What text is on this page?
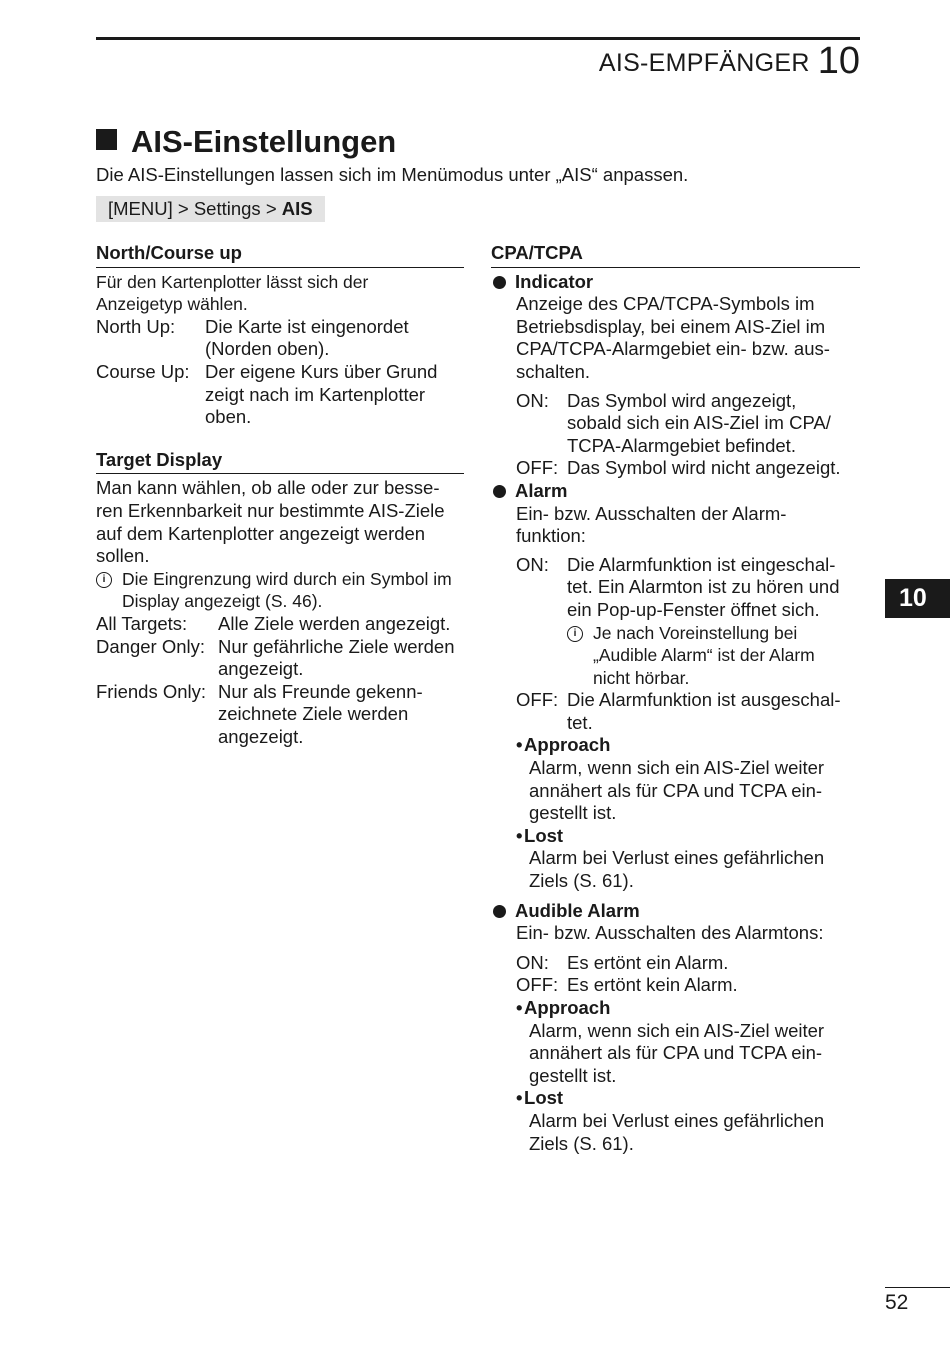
AIS-EMPFÄNGER 10
AIS-Einstellungen
Die AIS-Einstellungen lassen sich im Menümodus unter „AIS“ anpassen.
[MENU] > Settings > AIS
North/Course up
Für den Kartenplotter lässt sich der
Anzeigetyp wählen.
North Up:	Die Karte ist eingenordet
(Norden oben).
Course Up: Der eigene Kurs über Grund
zeigt nach im Kartenplotter
oben.
Target Display
Man kann wählen, ob alle oder zur besse-
ren Erkennbarkeit nur bestimmte AIS-Ziele
auf dem Kartenplotter angezeigt werden
sollen.
i Die Eingrenzung wird durch ein Symbol im
Display angezeigt (S. 46).
All Targets:	Alle Ziele werden angezeigt.
Danger Only: Nur gefährliche Ziele werden
angezeigt.
Friends Only: Nur als Freunde gekenn-
zeichnete Ziele werden
angezeigt.
CPA/TCPA
Indicator
Anzeige des CPA/TCPA-Symbols im
Betriebsdisplay, bei einem AIS-Ziel im
CPA/TCPA-Alarmgebiet ein- bzw. aus-
schalten.
ON: Das Symbol wird angezeigt,
sobald sich ein AIS-Ziel im CPA/
TCPA-Alarmgebiet befindet.
OFF: Das Symbol wird nicht angezeigt.
Alarm
Ein- bzw. Ausschalten der Alarm-
funktion:
ON: Die Alarmfunktion ist eingeschal-
tet. Ein Alarmton ist zu hören und
ein Pop-up-Fenster öffnet sich.
i Je nach Voreinstellung bei
„Audible Alarm“ ist der Alarm
nicht hörbar.
OFF: Die Alarmfunktion ist ausgeschal-
tet.
• Approach
Alarm, wenn sich ein AIS-Ziel weiter
annähert als für CPA und TCPA ein-
gestellt ist.
• Lost
Alarm bei Verlust eines gefährlichen
Ziels (S. 61).
Audible Alarm
Ein- bzw. Ausschalten des Alarmtons:
ON: Es ertönt ein Alarm.
OFF: Es ertönt kein Alarm.
• Approach
Alarm, wenn sich ein AIS-Ziel weiter
annähert als für CPA und TCPA ein-
gestellt ist.
• Lost
Alarm bei Verlust eines gefährlichen
Ziels (S. 61).
10
52
